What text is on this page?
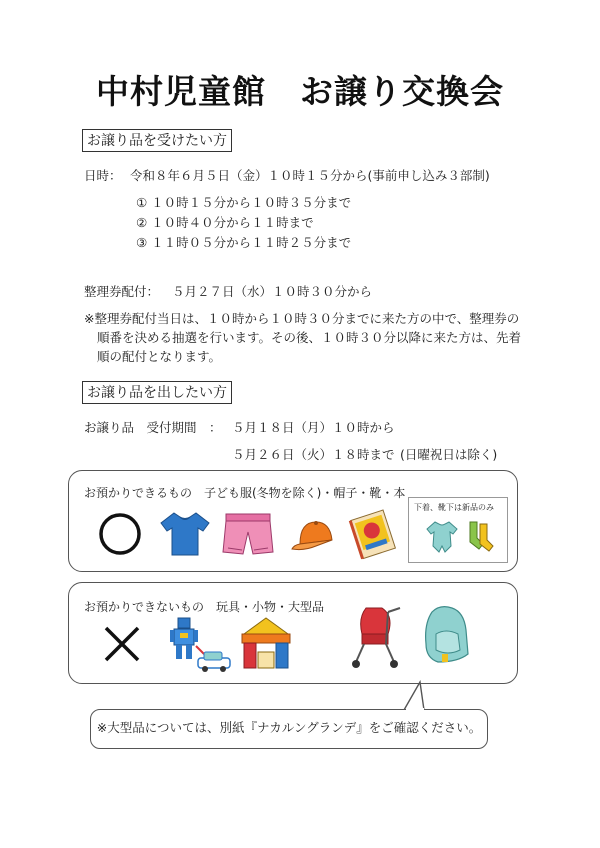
中村児童館　お譲り交換会
お譲り品を受けたい方
日時： 令和８年６月５日（金）１０時１５分から(事前申し込み３部制)
① １０時１５分から１０時３５分まで
② １０時４０分から１１時まで
③ １１時０５分から１１時２５分まで
整理券配付： ５月２７日（水）１０時３０分から
※整理券配付当日は、１０時から１０時３０分までに来た方の中で、整理券の
順番を決める抽選を行います。その後、１０時３０分以降に来た方は、先着
順の配付となります。
お譲り品を出したい方
お譲り品　受付期間　： ５月１８日（月）１０時から
５月２６日（火）１８時まで (日曜祝日は除く)
お預かりできるもの　子ども服(冬物を除く)・帽子・靴・本
下着、靴下は新品のみ
お預かりできないもの　玩具・小物・大型品
※大型品については、別紙『ナカルングランデ』をご確認ください。
